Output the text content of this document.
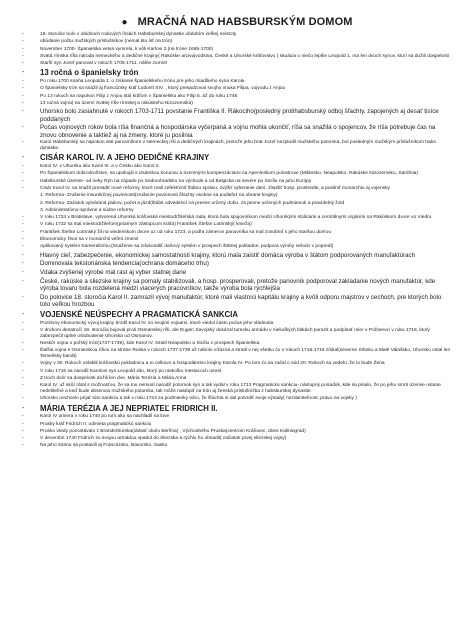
● MRAČNÁ NAD HABSBURSKÝM DOMOM
- 18. storočie bolo v obidvoch rodových líniách Habsburskej dynastie obdobím veľkej neistoty
- ubúdanie počtu mužských príslušníkov (nemal kto ísť na trón)
- November 1700- Španielska vetva vymrela, k vôli Karlovi 2.(na tróne 1665-1700)
- Svätá rímska ríša národa nemeckého a dedičné krajiny( Rakúske arcivojvodstva, České a Uhorské kráľovstvo ) situácia o niečo lepšie Leopold 1. ma len dvoch synov, ktorí sa dožili dospelosti
- Starší syn Jozef panoval v rokoch 1705-1711, náhle zomrel
- 13 ročná o španielsky trón
- Po roku 1700 snaha Leopolda 1. o získanie španielskeho trónu pre jeho mladšieho syna Karola
- O španielsky trón sa snažil aj francúzsky kráľ Ľudovít XIV. , ktorý presadzoval svojho vnuka Filipa, vojvodu z Anjou
- Po 13 rokoch sa napokon Filip z Anjou stal kráľom v Španielsku ako Filip 5. až do roku 1746
- 13 ročná vojna( na území Svätej ríše rímskej a rakúskeho Nizozemska)
- Uhorsko bolo zasiahnuté v rokoch 1703-1711 povstanie Františka II. Rákociho(posledný protihabsburský odboj šľachty, zapojených aj desať tisíce poddaných
- Počas vojnových rokov bola ríša finančná a hospodárska vyčerpaná a vojnu mohla ukončiť, ríša sa snažila o spojencov, že ríša potrebuje čas na znovu obnovenie a taktiež aj na zmeny, ktoré ju posilnia
- Karol Habsburský sa napokon stal panovníkom v Nemeckej ríši a dedičných krajinách, pretože jeho brat Jozef nezplodil mužského potomka, bol posledným mužským príslušníkom habs. dynastie.
- CISÁR KAROL IV. A JEHO DEDIČNÉ KRAJINY
- Karol IV. v Uhorsku ako Karol III. a v Česku ako Karol II.
- Po Španielskom dobrodružstve, sa upokojili s cisárskou korunou a územnými kompenzáciami na Apeninskom polostrove (Milánsko, Neapolsko, Rakúske Nizozemsko, Sardínia)
- Habsburské územie- od rieky Rýn na západe po Sedmohradsko na východe a od Belgicka na severe po Sicíliu na juhu Európy
- Cisár Karol IV. sa snažil presadiť nové reformy, ktoré mali zefektívniť štátnu správu, zvýšiť vyberanie daní, zlepšiť hosp. prostredie, a posilniť monarchiu aj vojensky
1. Reforma- Zrušenie insurekčnej povinnosti(zrušenie povinnosti šľachty osobne sa podieľať na obrane krajiny)
2. Reforma- Začatok vytváraná plukov, počet a jázd(štúbit odvedencí na presne určený dobu, za pevne určených podmienok a pravidelný žold
3. Administratívno-správne a súdne reformy
- V roku 1724 v Bratislave, vytvorená Uhorská kráľovská miestodržiteľská rada, ktorá bola spojovníkom medzi Uhorskými stolicami a centrálnymi orgánmi na Rakúskom dvore vo Viedni.
- V roku 1732 sa stal miestodržiteľom(priamym zástupcom kráľa) František Štefan Lotrinský( knieža)
- František Štefan Lotrinský žil na viedenskom dvore uz od roku 1723, a podľa zámerov panovníka sa mal zosobniť s jeho staršou dcérou
- Ekonomicky život sa v monarchii veľmi zmenil
- Aplikovaný systém Kameralizmu,(Snaženie sa zdokonaliť daňový systém v prospech štátnej pokladne, podpora výroby nebolo v popredí)
- Hlavný cieľ, zabezpečenie, ekonomickej samostatnosti krajiny, ktorú mala zaistiť domáca výroba v štátom podporovaných manufaktúrach
- Dominovala tekstoriánska tendencia(ochrana domáceho trhu)
- Vdaka zvýšenej výrobe mal rast aj vyber statnej dane
- České, rakúske a sliezske krajiny sa pomaly stabilizovali, a hosp. prosperovali, pretože panovník podporoval zakladanie nových manufaktúr, kde výroba tovaru bola rozdelená medzi viacerých pracovníkov, takže výroba bola rýchlejšia
- Do polovice 18. storočia Karol II. zamrazil vývoj manufaktúr, ktoré mali vlastníci kapitálu krajiny a kvôli odporu majstrov v cechoch, pre ktorých bolo toto veľkou hrozbou
- VOJENSKÉ NEÚSPECHY A PRAGMATICKÁ SANKCIA
- Pozitívny ekonomický vývoj krajiny brzdil Karol IV. so svojimi vojnami, ktoré viedol často počas jeho vládnutia
- V druhom desatročí 18. storočia bojoval proti Osmanskej ríši, ale Eugen Savojský dokázal turecku armádu v niekoľkých bitkách porazit a podpísať mier v Požarevci v roku 1718, ktorý zabezpečil úplné oslobodenie Uhorska od Osmanov.
- Neskôr vojna o poľský trón(1737-1739), kde Karol IV. stratil Neapolsko a Sicíliu v prospech Španielska
- Ďalšia vojna s Osmanskou ríšou na strane Ruska v rokoch 1737-1739 už nebolo víťazná a stratil v nej všetko čo v rokoch 1716-1718 získal(severne Srbsko a Malé Valašsko, Uhorsko ostal len Temešsky banát)
- Vojny v 30. Rokoch oslabili kráľovskú pokladnicu a to celkovo a hospodárstvo krajiny Karola IV. Po tom čo sa začal o súd 20. Rokoch sa vedelo ,že to bude Žena
- V roku 1716 sa narodil Karolovi syn Leopold Ján, ktorý po niekoľko mesiacoch umrel.
- Z troch dcér sa dospelosti dožili len dve, Mária Terézia a Mária Anna
- Karol IV. už skôr rátal s možnosťou, že sa mu nemusí narodiť potomok syn a tak vydal v roku 1713 Pragmatickú sankciu- nástupný poriadok, kde sa písalo, že po jeho smrti územie ostane nedeliteľné a keď bude absencia mužského potomka, tak môže nastúpiť na trón aj ženská príslušníčka z habsburskej dynastie.
- Uhorsko nechcelo prijať túto sankciu a tak v roku 1723 za podmienky toho, že šľachta si dal potvrdiť svoje výsady( nezdaniteľnost, pravo na vojsky )
- MÁRIA TERÉZIA A JEJ NEPRIATEĽ FRIDRICH II.
- Karol IV umiera v roku 1740 po tom ako sa nachladil na love
- Prusky kráľ Fridrich II. odmieta pragmatickú sankciu
- Prusko vtedy pozostávalo z Branderburska(oblasť okolo Berlína) , Východného Pruska(centrom Kráľovec, dnes Kaliningrad)
- V decembri 1740 Fridrich so svojou armádou vpadol do Sliezska a rýchlo ho obsadil( začiatok prvej sliezskej vojny)
- Na jeho stranu sa postavili aj Francúzsko, Bavorsko, Sasko
